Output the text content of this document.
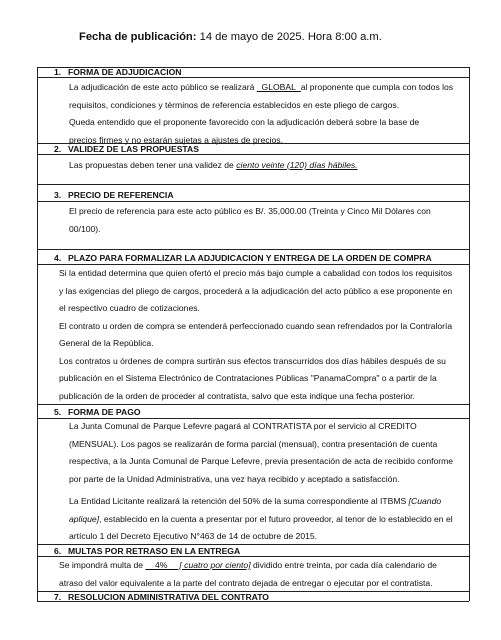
Fecha de publicación: 14 de mayo de 2025. Hora 8:00 a.m.
1. FORMA DE ADJUDICACION
La adjudicación de este acto público se realizará _GLOBAL_al proponente que cumpla con todos los
requisitos, condiciones y términos de referencia establecidos en este pliego de cargos.
Queda entendido que el proponente favorecido con la adjudicación deberá sobre la base de
precios firmes y no estarán sujetas a ajustes de precios.
2. VALIDEZ DE LAS PROPUESTAS
Las propuestas deben tener una validez de ciento veinte (120) días hábiles.
3. PRECIO DE REFERENCIA
El precio de referencia para este acto público es B/. 35,000.00 (Treinta y Cinco Mil Dólares con
00/100).
4. PLAZO PARA FORMALIZAR LA ADJUDICACION Y ENTREGA DE LA ORDEN DE COMPRA
Si la entidad determina que quien ofertó el precio más bajo cumple a cabalidad con todos los requisitos
y las exigencias del pliego de cargos, procederá a la adjudicación del acto público a ese proponente en
el respectivo cuadro de cotizaciones.
El contrato u orden de compra se entenderá perfeccionado cuando sean refrendados por la Contraloría
General de la República.
Los contratos u órdenes de compra surtirán sus efectos transcurridos dos días hábiles después de su
publicación en el Sistema Electrónico de Contrataciones Públicas "PanamaCompra" o a partir de la
publicación de la orden de proceder al contratista, salvo que esta indique una fecha posterior.
5. FORMA DE PAGO
La Junta Comunal de Parque Lefevre pagará al CONTRATISTA por el servicio al CREDITO
(MENSUAL). Los pagos se realizarán de forma parcial (mensual), contra presentación de cuenta
respectiva, a la Junta Comunal de Parque Lefevre, previa presentación de acta de recibido conforme
por parte de la Unidad Administrativa, una vez haya recibido y aceptado a satisfacción.
La Entidad Licitante realizará la retención del 50% de la suma correspondiente al ITBMS [Cuando
aplique], establecido en la cuenta a presentar por el futuro proveedor, al tenor de lo establecido en el
artículo 1 del Decreto Ejecutivo N°463 de 14 de octubre de 2015.
6. MULTAS POR RETRASO EN LA ENTREGA
Se impondrá multa de __4%__ [ cuatro por ciento] dividido entre treinta, por cada día calendario de
atraso del valor equivalente a la parte del contrato dejada de entregar o ejecutar por el contratista.
7. RESOLUCION ADMINISTRATIVA DEL CONTRATO
